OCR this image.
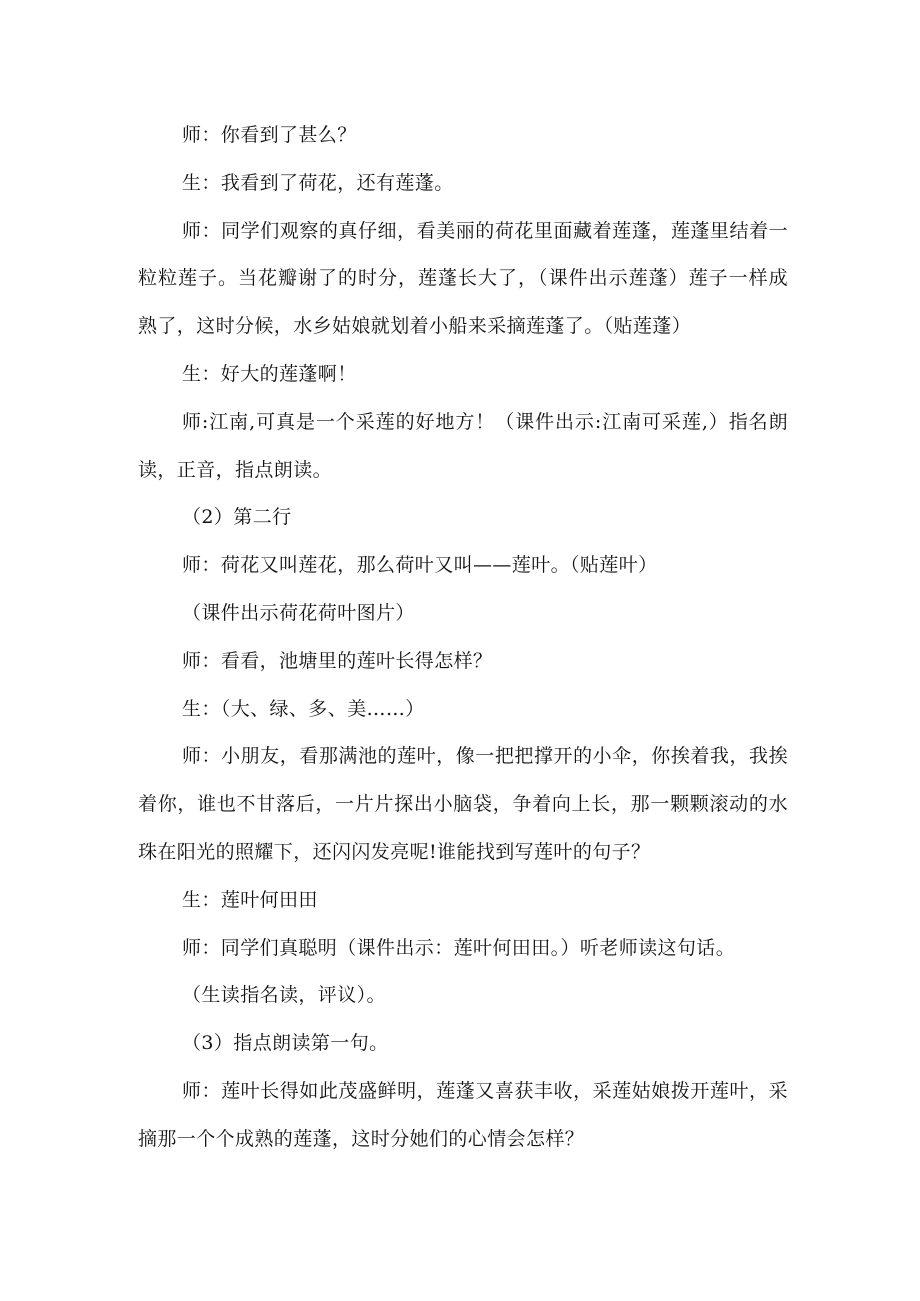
师：你看到了甚么？

生：我看到了荷花，还有莲蓬。

师：同学们观察的真仔细，看美丽的荷花里面藏着莲蓬，莲蓬里结着一粒粒莲子。当花瓣谢了的时分，莲蓬长大了，（课件出示莲蓬）莲子一样成熟了，这时分候，水乡姑娘就划着小船来采摘莲蓬了。（贴莲蓬）

生：好大的莲蓬啊！

师:江南,可真是一个采莲的好地方！（课件出示:江南可采莲,）指名朗读，正音，指点朗读。

（2）第二行

师：荷花又叫莲花，那么荷叶又叫——莲叶。（贴莲叶）

（课件出示荷花荷叶图片）

师：看看，池塘里的莲叶长得怎样？

生：（大、绿、多、美……）

师：小朋友，看那满池的莲叶，像一把把撑开的小伞，你挨着我，我挨着你，谁也不甘落后，一片片探出小脑袋，争着向上长，那一颗颗滚动的水珠在阳光的照耀下，还闪闪发亮呢!谁能找到写莲叶的句子？

生：莲叶何田田

师：同学们真聪明（课件出示：莲叶何田田。）听老师读这句话。

（生读指名读，评议）。

（3）指点朗读第一句。

师：莲叶长得如此茂盛鲜明，莲蓬又喜获丰收，采莲姑娘拨开莲叶，采摘那一个个成熟的莲蓬，这时分她们的心情会怎样？
